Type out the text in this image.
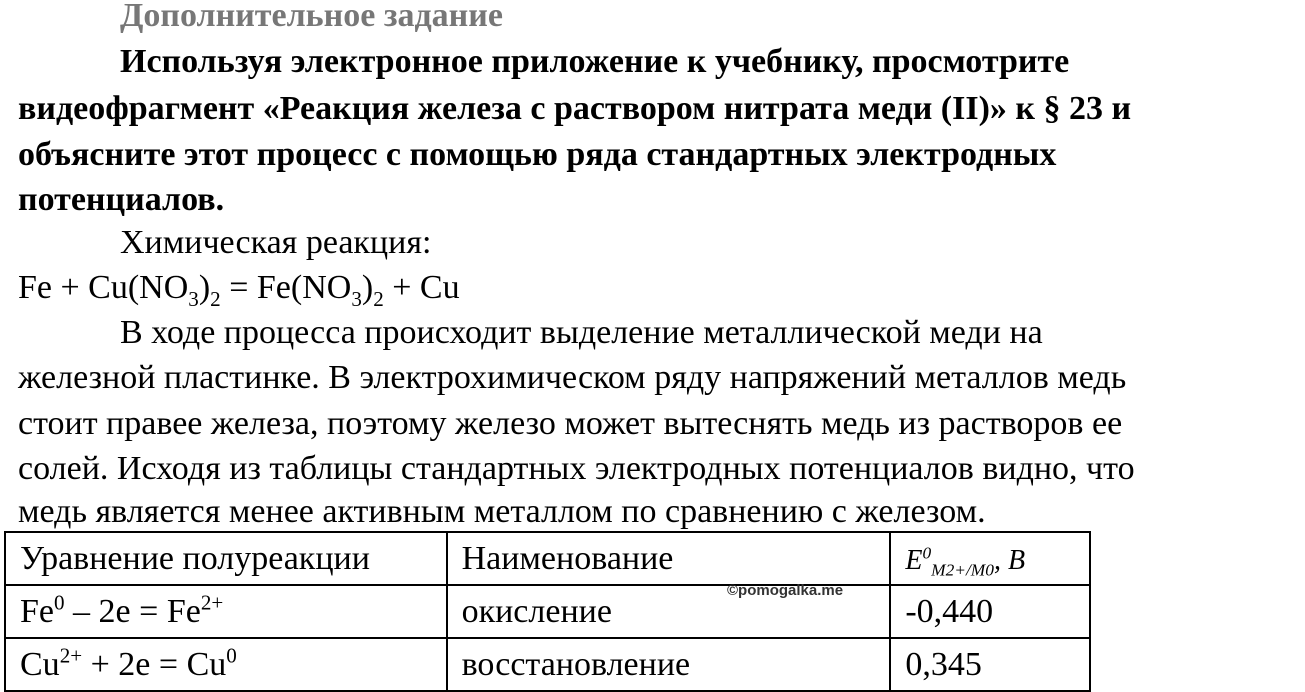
Дополнительное задание
Используя электронное приложение к учебнику, просмотрите
видеофрагмент «Реакция железа с раствором нитрата меди (II)» к § 23 и
объясните этот процесс с помощью ряда стандартных электродных
потенциалов.
Химическая реакция:
$Fe + Cu(NO_3)_2 = Fe(NO_3)_2 + Cu$
В ходе процесса происходит выделение металлической меди на
железной пластинке. В электрохимическом ряду напряжений металлов медь
стоит правее железа, поэтому железо может вытеснять медь из растворов ее
солей. Исходя из таблицы стандартных электродных потенциалов видно, что
медь является менее активным металлом по сравнению с железом.
Уравнение полуреакции	Наименование	$E^0_{M2+/M0}$, B
$Fe^0 - 2e = Fe^{2+}$	окисление	-0,440
$Cu^{2+} + 2e = Cu^0$	восстановление	0,345
©pomogalka.me
